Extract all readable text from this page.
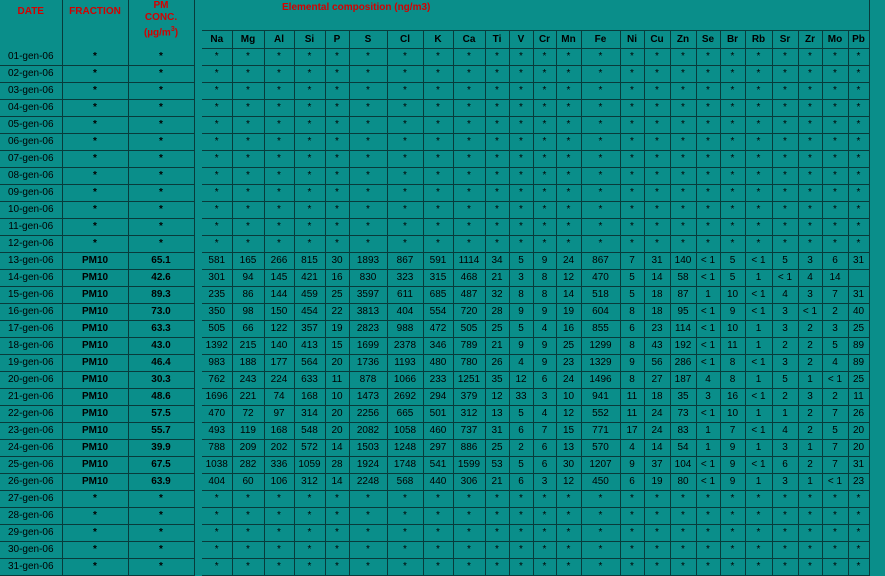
DATE	FRACTION	PM
CONC.
$(\mu g/m^3)$		Elemental composition (ng/m3)																							
				Na	Mg	Al	Si	P	S	Cl	K	Ca	Ti	V	Cr	Mn	Fe	Ni	Cu	Zn	Se	Br	Rb	Sr	Zr	Mo	Pb
01-gen-06	*	*		*	*	*	*	*	*	*	*	*	*	*	*	*	*	*	*	*	*	*	*	*	*	*	*
02-gen-06	*	*		*	*	*	*	*	*	*	*	*	*	*	*	*	*	*	*	*	*	*	*	*	*	*	*
03-gen-06	*	*		*	*	*	*	*	*	*	*	*	*	*	*	*	*	*	*	*	*	*	*	*	*	*	*
04-gen-06	*	*		*	*	*	*	*	*	*	*	*	*	*	*	*	*	*	*	*	*	*	*	*	*	*	*
05-gen-06	*	*		*	*	*	*	*	*	*	*	*	*	*	*	*	*	*	*	*	*	*	*	*	*	*	*
06-gen-06	*	*		*	*	*	*	*	*	*	*	*	*	*	*	*	*	*	*	*	*	*	*	*	*	*	*
07-gen-06	*	*		*	*	*	*	*	*	*	*	*	*	*	*	*	*	*	*	*	*	*	*	*	*	*	*
08-gen-06	*	*		*	*	*	*	*	*	*	*	*	*	*	*	*	*	*	*	*	*	*	*	*	*	*	*
09-gen-06	*	*		*	*	*	*	*	*	*	*	*	*	*	*	*	*	*	*	*	*	*	*	*	*	*	*
10-gen-06	*	*		*	*	*	*	*	*	*	*	*	*	*	*	*	*	*	*	*	*	*	*	*	*	*	*
11-gen-06	*	*		*	*	*	*	*	*	*	*	*	*	*	*	*	*	*	*	*	*	*	*	*	*	*	*
12-gen-06	*	*		*	*	*	*	*	*	*	*	*	*	*	*	*	*	*	*	*	*	*	*	*	*	*	*
13-gen-06	PM10	65.1		581	165	266	815	30	1893	867	591	1114	34	5	9	24	867	7	31	140	< 1	5	< 1	5	3	6	31
14-gen-06	PM10	42.6		301	94	145	421	16	830	323	315	468	21	3	8	12	470	5	14	58	< 1	5	1	< 1	4	14	
15-gen-06	PM10	89.3		235	86	144	459	25	3597	611	685	487	32	8	8	14	518	5	18	87	1	10	< 1	4	3	7	31
16-gen-06	PM10	73.0		350	98	150	454	22	3813	404	554	720	28	9	9	19	604	8	18	95	< 1	9	< 1	3	< 1	2	40
17-gen-06	PM10	63.3		505	66	122	357	19	2823	988	472	505	25	5	4	16	855	6	23	114	< 1	10	1	3	2	3	25
18-gen-06	PM10	43.0		1392	215	140	413	15	1699	2378	346	789	21	9	9	25	1299	8	43	192	< 1	11	1	2	2	5	89
19-gen-06	PM10	46.4		983	188	177	564	20	1736	1193	480	780	26	4	9	23	1329	9	56	286	< 1	8	< 1	3	2	4	89
20-gen-06	PM10	30.3		762	243	224	633	11	878	1066	233	1251	35	12	6	24	1496	8	27	187	4	8	1	5	1	< 1	25
21-gen-06	PM10	48.6		1696	221	74	168	10	1473	2692	294	379	12	33	3	10	941	11	18	35	3	16	< 1	2	3	2	11
22-gen-06	PM10	57.5		470	72	97	314	20	2256	665	501	312	13	5	4	12	552	11	24	73	< 1	10	1	1	2	7	26
23-gen-06	PM10	55.7		493	119	168	548	20	2082	1058	460	737	31	6	7	15	771	17	24	83	1	7	< 1	4	2	5	20
24-gen-06	PM10	39.9		788	209	202	572	14	1503	1248	297	886	25	2	6	13	570	4	14	54	1	9	1	3	1	7	20
25-gen-06	PM10	67.5		1038	282	336	1059	28	1924	1748	541	1599	53	5	6	30	1207	9	37	104	< 1	9	< 1	6	2	7	31
26-gen-06	PM10	63.9		404	60	106	312	14	2248	568	440	306	21	6	3	12	450	6	19	80	< 1	9	1	3	1	< 1	23
27-gen-06	*	*		*	*	*	*	*	*	*	*	*	*	*	*	*	*	*	*	*	*	*	*	*	*	*	*
28-gen-06	*	*		*	*	*	*	*	*	*	*	*	*	*	*	*	*	*	*	*	*	*	*	*	*	*	*
29-gen-06	*	*		*	*	*	*	*	*	*	*	*	*	*	*	*	*	*	*	*	*	*	*	*	*	*	*
30-gen-06	*	*		*	*	*	*	*	*	*	*	*	*	*	*	*	*	*	*	*	*	*	*	*	*	*	*
31-gen-06	*	*		*	*	*	*	*	*	*	*	*	*	*	*	*	*	*	*	*	*	*	*	*	*	*	*
